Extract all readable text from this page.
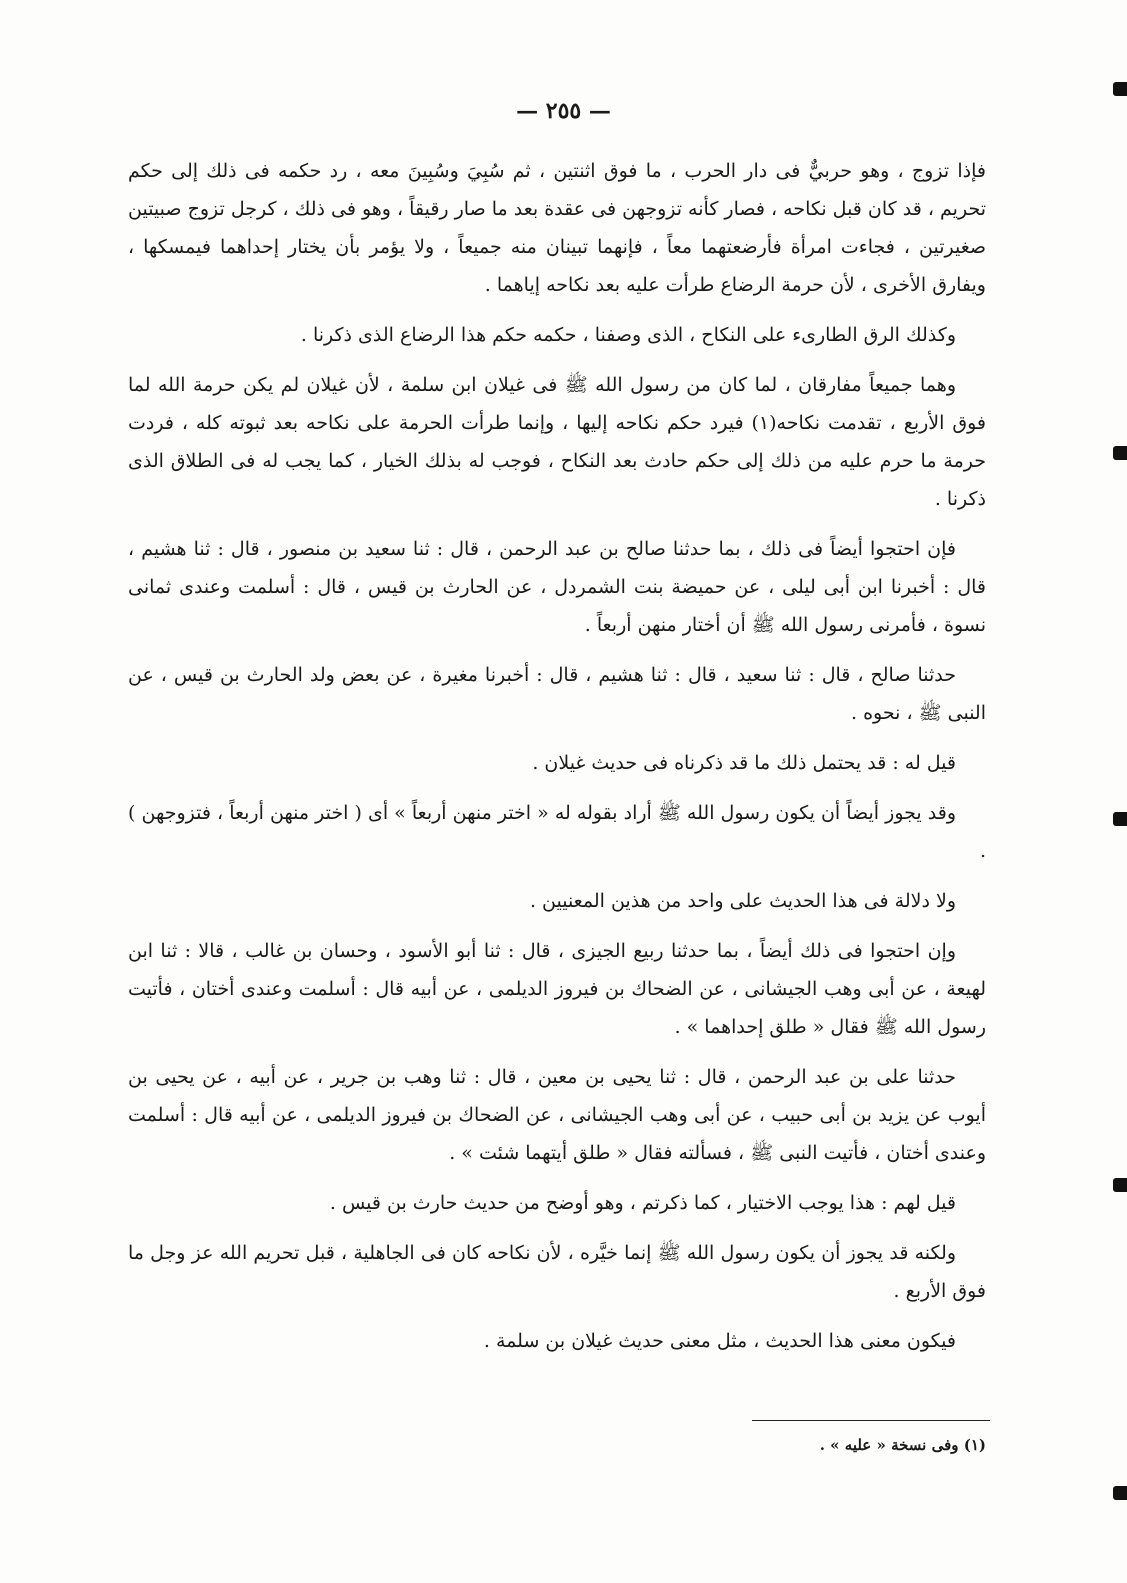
— ٢٥٥ —

فإذا تزوج ، وهو حربيٌّ فى دار الحرب ، ما فوق اثنتين ، ثم سُبِيَ وسُبِينَ معه ، رد حكمه فى ذلك إلى حكم تحريم ، قد كان قبل نكاحه ، فصار كأنه تزوجهن فى عقدة بعد ما صار رقيقاً ، وهو فى ذلك ، كرجل تزوج صبيتين صغيرتين ، فجاءت امرأة فأرضعتهما معاً ، فإنهما تبينان منه جميعاً ، ولا يؤمر بأن يختار إحداهما فيمسكها ، ويفارق الأخرى ، لأن حرمة الرضاع طرأت عليه بعد نكاحه إياهما .

وكذلك الرق الطارىء على النكاح ، الذى وصفنا ، حكمه حكم هذا الرضاع الذى ذكرنا .

وهما جميعاً مفارقان ، لما كان من رسول الله ﷺ فى غيلان ابن سلمة ، لأن غيلان لم يكن حرمة الله لما فوق الأربع ، تقدمت نكاحه(١) فيرد حكم نكاحه إليها ، وإنما طرأت الحرمة على نكاحه بعد ثبوته كله ، فردت حرمة ما حرم عليه من ذلك إلى حكم حادث بعد النكاح ، فوجب له بذلك الخيار ، كما يجب له فى الطلاق الذى ذكرنا .

فإن احتجوا أيضاً فى ذلك ، بما حدثنا صالح بن عبد الرحمن ، قال : ثنا سعيد بن منصور ، قال : ثنا هشيم ، قال : أخبرنا ابن أبى ليلى ، عن حميضة بنت الشمردل ، عن الحارث بن قيس ، قال : أسلمت وعندى ثمانى نسوة ، فأمرنى رسول الله ﷺ أن أختار منهن أربعاً .

حدثنا صالح ، قال : ثنا سعيد ، قال : ثنا هشيم ، قال : أخبرنا مغيرة ، عن بعض ولد الحارث بن قيس ، عن النبى ﷺ ، نحوه .

قيل له : قد يحتمل ذلك ما قد ذكرناه فى حديث غيلان .

وقد يجوز أيضاً أن يكون رسول الله ﷺ أراد بقوله له « اختر منهن أربعاً » أى ( اختر منهن أربعاً ، فتزوجهن ) .

ولا دلالة فى هذا الحديث على واحد من هذين المعنيين .

وإن احتجوا فى ذلك أيضاً ، بما حدثنا ربيع الجيزى ، قال : ثنا أبو الأسود ، وحسان بن غالب ، قالا : ثنا ابن لهيعة ، عن أبى وهب الجيشانى ، عن الضحاك بن فيروز الديلمى ، عن أبيه قال : أسلمت وعندى أختان ، فأتيت رسول الله ﷺ فقال « طلق إحداهما » .

حدثنا على بن عبد الرحمن ، قال : ثنا يحيى بن معين ، قال : ثنا وهب بن جرير ، عن أبيه ، عن يحيى بن أيوب عن يزيد بن أبى حبيب ، عن أبى وهب الجيشانى ، عن الضحاك بن فيروز الديلمى ، عن أبيه قال : أسلمت وعندى أختان ، فأتيت النبى ﷺ ، فسألته فقال « طلق أيتهما شئت » .

قيل لهم : هذا يوجب الاختيار ، كما ذكرتم ، وهو أوضح من حديث حارث بن قيس .

ولكنه قد يجوز أن يكون رسول الله ﷺ إنما خيَّره ، لأن نكاحه كان فى الجاهلية ، قبل تحريم الله عز وجل ما فوق الأربع .

فيكون معنى هذا الحديث ، مثل معنى حديث غيلان بن سلمة .

(١) وفى نسخة « عليه » .
